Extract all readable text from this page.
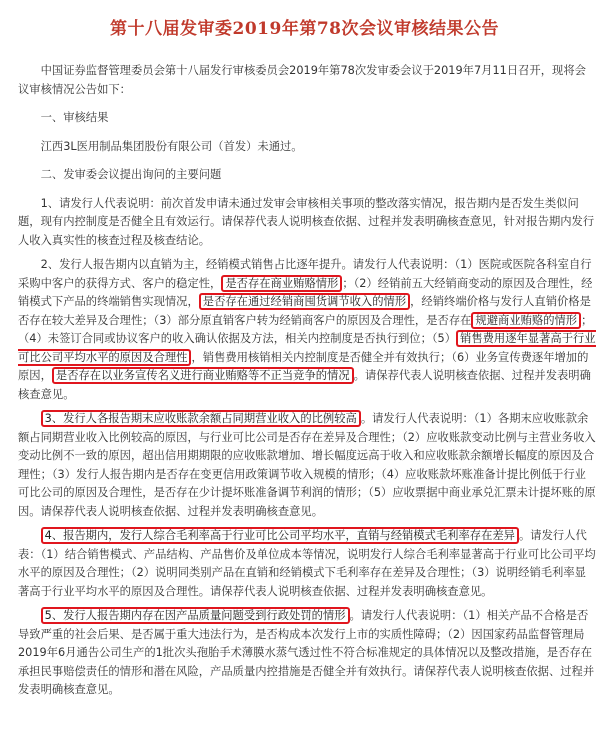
第十八届发审委2019年第78次会议审核结果公告

中国证券监督管理委员会第十八届发行审核委员会2019年第78次发审委会议于2019年7月11日召开，现将会议审核情况公告如下：

一、审核结果

江西3L医用制品集团股份有限公司（首发）未通过。

二、发审委会议提出询问的主要问题

1、请发行人代表说明：前次首发申请未通过发审会审核相关事项的整改落实情况，报告期内是否发生类似问题，现有内控制度是否健全且有效运行。请保荐代表人说明核查依据、过程并发表明确核查意见，针对报告期内发行人收入真实性的核查过程及核查结论。

2、发行人报告期内以直销为主，经销模式销售占比逐年提升。请发行人代表说明：（1）医院或医院各科室自行采购中客户的获得方式、客户的稳定性， 是否存在商业贿赂情形 ；（2）经销前五大经销商变动的原因及合理性，经销模式下产品的终端销售实现情况， 是否存在通过经销商囤货调节收入的情形 ，经销终端价格与发行人直销价格是否存在较大差异及合理性；（3）部分原直销客户转为经销商客户的原因及合理性，是否存在 规避商业贿赂的情形 ；（4）未签订合同或协议客户的收入确认依据及方法，相关内控制度是否执行到位；（5） 销售费用逐年显著高于行业可比公司平均水平的原因及合理性 ，销售费用核销相关内控制度是否健全并有效执行；（6）业务宣传费逐年增加的原因， 是否存在以业务宣传名义进行商业贿赂等不正当竞争的情况 。请保荐代表人说明核查依据、过程并发表明确核查意见。

3、发行人各报告期末应收账款余额占同期营业收入的比例较高 。请发行人代表说明：（1）各期末应收账款余额占同期营业收入比例较高的原因，与行业可比公司是否存在差异及合理性；（2）应收账款变动比例与主营业务收入变动比例不一致的原因，超出信用期期限的应收账款增加、增长幅度远高于收入和应收账款余额增长幅度的原因及合理性；（3）发行人报告期内是否存在变更信用政策调节收入规模的情形；（4）应收账款坏账准备计提比例低于行业可比公司的原因及合理性，是否存在少计提坏账准备调节利润的情形；（5）应收票据中商业承兑汇票未计提坏账的原因。请保荐代表人说明核查依据、过程并发表明确核查意见。

4、报告期内，发行人综合毛利率高于行业可比公司平均水平，直销与经销模式毛利率存在差异 。请发行人代表：（1）结合销售模式、产品结构、产品售价及单位成本等情况，说明发行人综合毛利率显著高于行业可比公司平均水平的原因及合理性；（2）说明同类别产品在直销和经销模式下毛利率存在差异及合理性；（3）说明经销毛利率显著高于行业平均水平的原因及合理性。请保荐代表人说明核查依据、过程并发表明确核查意见。

5、发行人报告期内存在因产品质量问题受到行政处罚的情形 。请发行人代表说明：（1）相关产品不合格是否导致严重的社会后果、是否属于重大违法行为，是否构成本次发行上市的实质性障碍；（2）因国家药品监督管理局2019年6月通告公司生产的1批次头孢胎手术薄膜水蒸气透过性不符合标准规定的具体情况以及整改措施，是否存在承担民事赔偿责任的情形和潜在风险，产品质量内控措施是否健全并有效执行。请保荐代表人说明核查依据、过程并发表明确核查意见。
